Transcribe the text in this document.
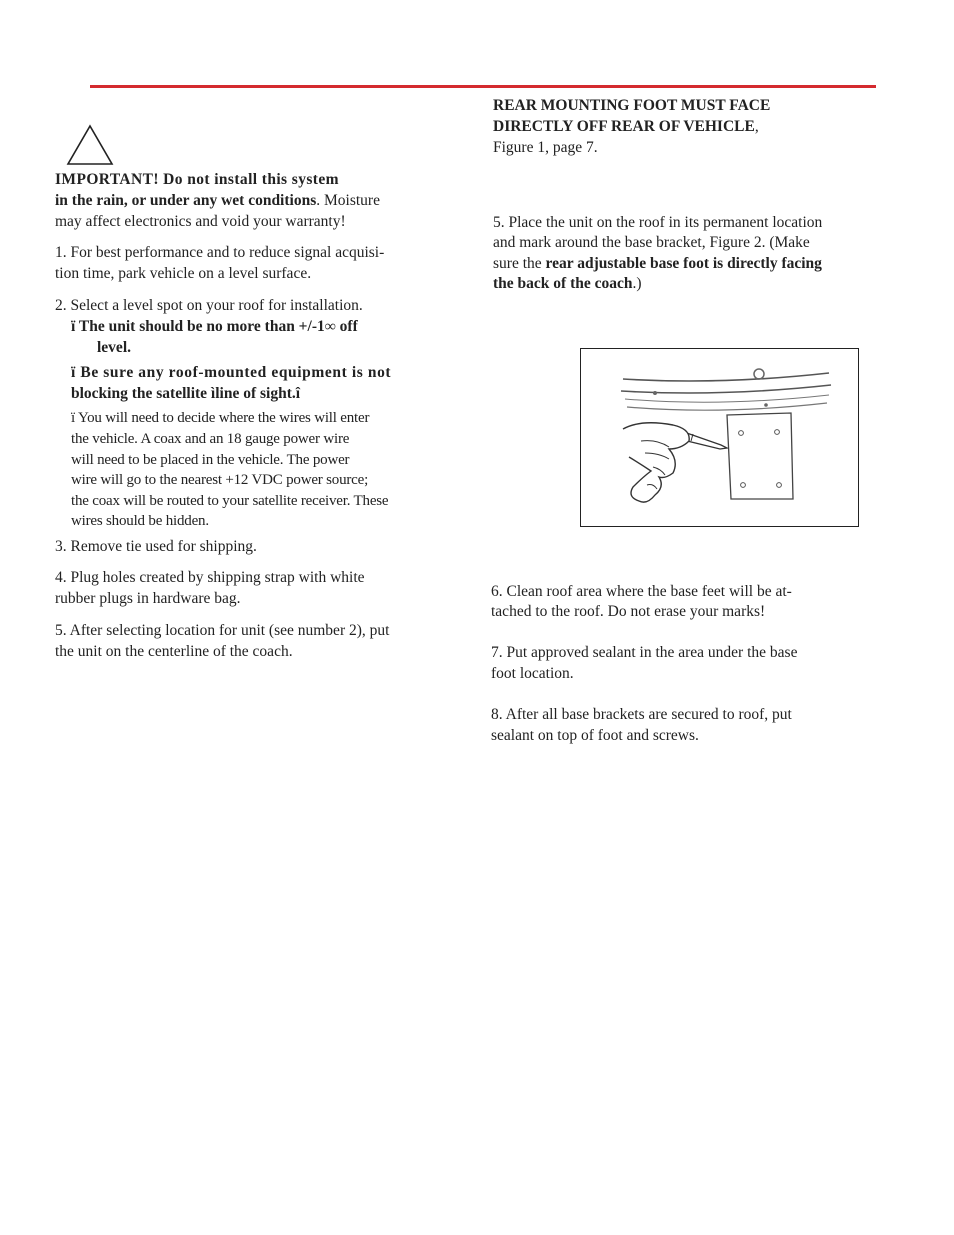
IMPORTANT! Do not install this system
in the rain, or under any wet conditions. Moisture
may affect electronics and void your warranty!
1. For best performance and to reduce signal acquisi-
tion time, park vehicle on a level surface.
2. Select a level spot on your roof for installation.
ï The unit should be no more than +/-1∞ off
level.
ï Be sure any roof-mounted equipment is not
blocking the satellite ìline of sight.î
ï You will need to decide where the wires will enter
the vehicle. A coax and an 18 gauge power wire
will need to be placed in the vehicle. The power
wire will go to the nearest +12 VDC power source;
the coax will be routed to your satellite receiver. These
wires should be hidden.
3. Remove tie used for shipping.
4. Plug holes created by shipping strap with white
rubber plugs in hardware bag.
5. After selecting location for unit (see number 2), put
the unit on the centerline of the coach.
REAR MOUNTING FOOT MUST FACE
DIRECTLY OFF REAR OF VEHICLE,
Figure 1, page 7.
5. Place the unit on the roof in its permanent location
and mark around the base bracket, Figure 2. (Make
sure the rear adjustable base foot is directly facing
the back of the coach.)
6. Clean roof area where the base feet will be at-
tached to the roof. Do not erase your marks!
7. Put approved sealant in the area under the base
foot location.
8. After all base brackets are secured to roof, put
sealant on top of foot and screws.
